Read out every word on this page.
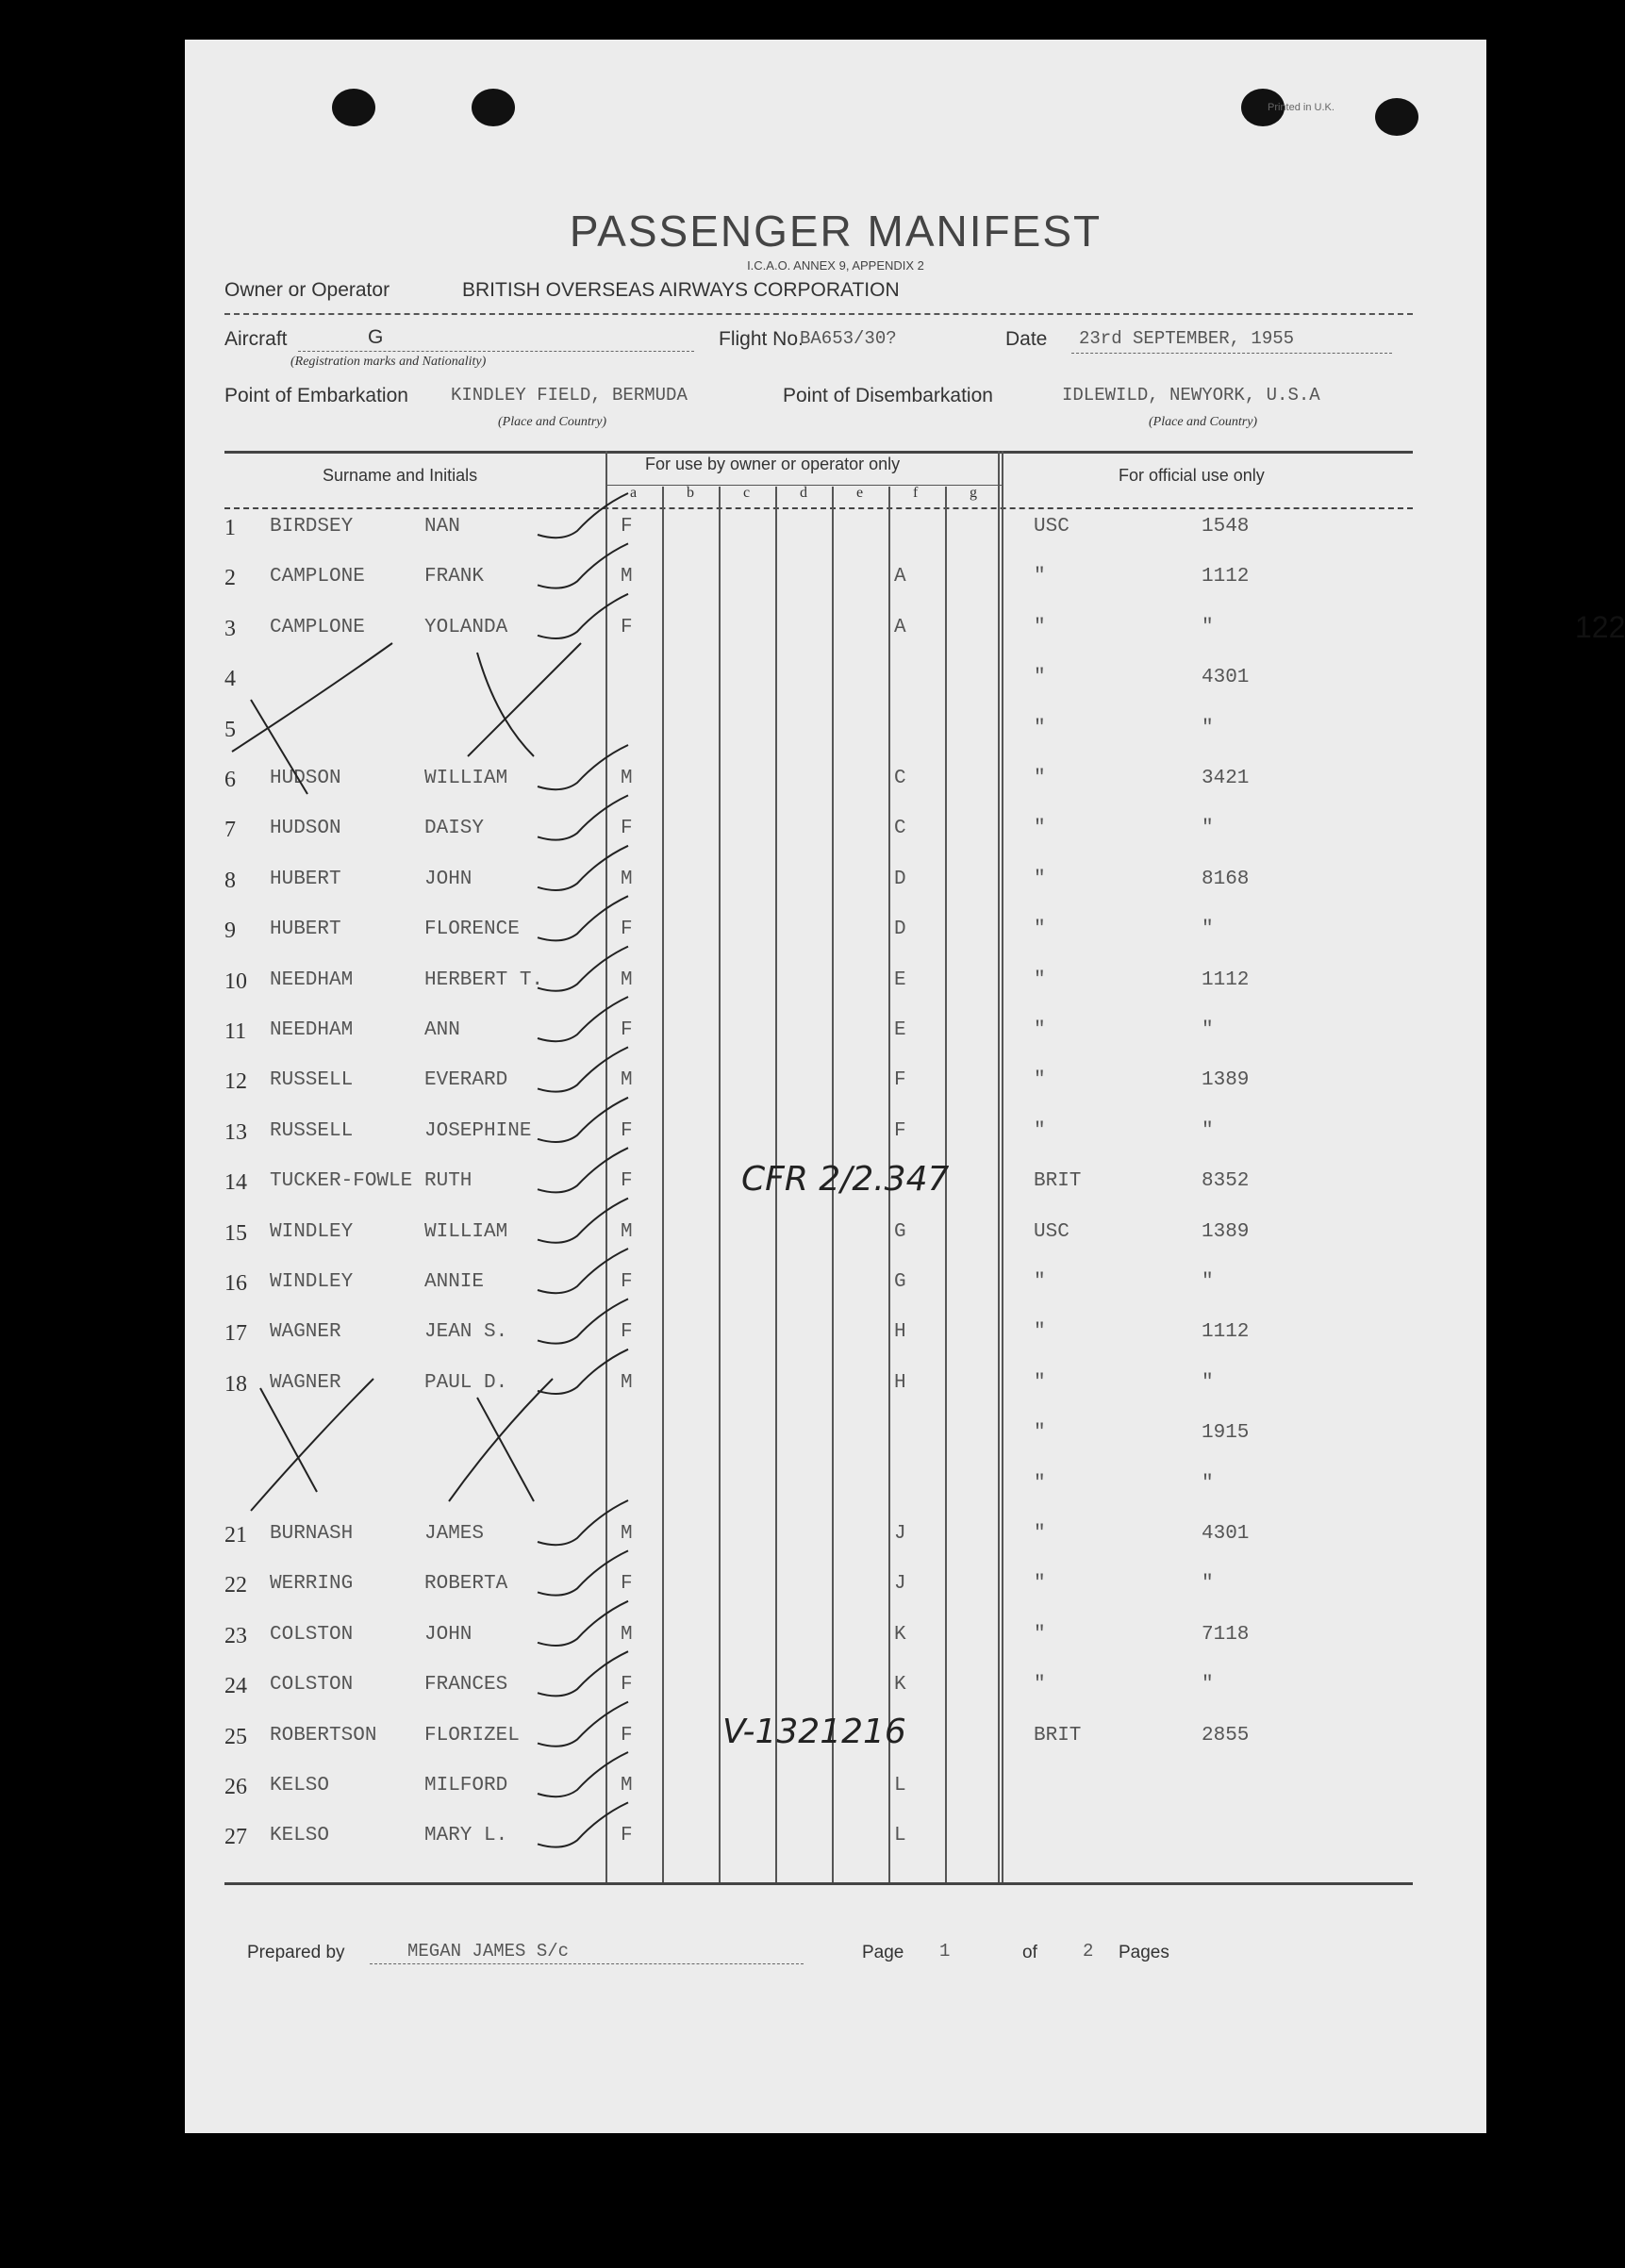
Printed in U.K.
PASSENGER MANIFEST
I.C.A.O. ANNEX 9, APPENDIX 2
Owner or Operator	BRITISH OVERSEAS AIRWAYS CORPORATION
Aircraft	G
(Registration marks and Nationality)
Flight No.
BA653/30?	Date 23rd SEPTEMBER, 1955
Point of Embarkation KINDLEY FIELD, BERMUDA
(Place and Country)
Point of Disembarkation	IDLEWILD, NEWYORK, U.S.A
(Place and Country)
Surname and Initials
For use by owner or operator only
For official use only
a	b	c	d	e	f	g
122
1 BIRDSEY	NAN	F	USC	1548
2 CAMPLONE	FRANK	M	A	"	1112
3 CAMPLONE	YOLANDA	F	A	"	"
4	"	4301
5	"	"
6 HUDSON	WILLIAM	M	C	"	3421
7 HUDSON	DAISY	F	C	"	"
8 HUBERT	JOHN	M	D	"	8168
9 HUBERT	FLORENCE	F	D	"	"
10 NEEDHAM	HERBERT T.	M	E	"	1112
11 NEEDHAM	ANN	F	E	"	"
12 RUSSELL	EVERARD	M	F	"	1389
13 RUSSELL	JOSEPHINE	F	F	"	"
14 TUCKER-FOWLE RUTH	F	BRIT	8352
15 WINDLEY	WILLIAM	M	G	USC	1389
16 WINDLEY	ANNIE	F	G	"	"
17 WAGNER	JEAN S.	F	H	"	1112
18 WAGNER	PAUL D.	M	H	"	"
"	1915
"	"
21 BURNASH	JAMES	M	J	"	4301
22 WERRING	ROBERTA	F	J	"	"
23 COLSTON	JOHN	M	K	"	7118
24 COLSTON	FRANCES	F	K	"	"
25 ROBERTSON FLORIZEL	F	BRIT	2855
26 KELSO	MILFORD	M	L
27 KELSO	MARY L.	F	L
CFR 2/2.347
V-1321216
Prepared by	MEGAN JAMES S/c	Page 1	of	2 Pages
